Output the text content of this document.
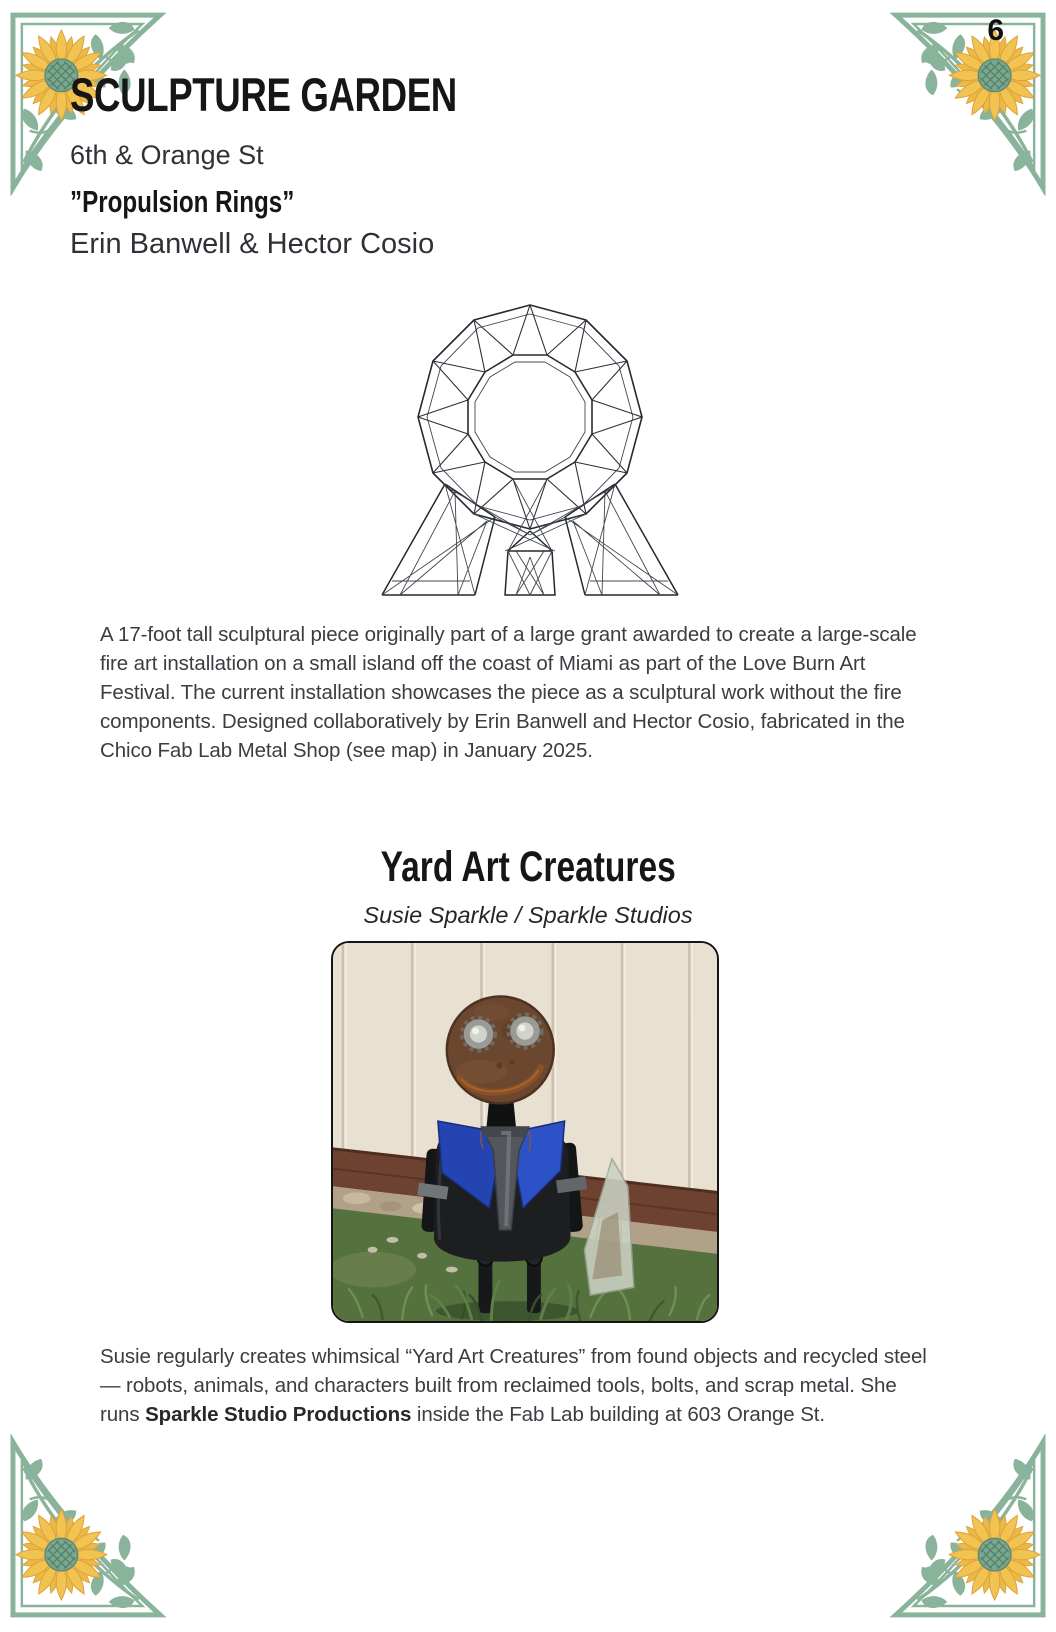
6
SCULPTURE GARDEN
6th & Orange St
”Propulsion Rings”
Erin Banwell & Hector Cosio
A 17-foot tall sculptural piece originally part of a large grant awarded to create a large-scale fire art installation on a small island off the coast of Miami as part of the Love Burn Art Festival. The current installation showcases the piece as a sculptural work without the fire components. Designed collaboratively by Erin Banwell and Hector Cosio, fabricated in the Chico Fab Lab Metal Shop (see map) in January 2025.
Yard Art Creatures
Susie Sparkle / Sparkle Studios
Susie regularly creates whimsical “Yard Art Creatures” from found objects and recycled steel — robots, animals, and characters built from reclaimed tools, bolts, and scrap metal. She runs Sparkle Studio Productions inside the Fab Lab building at 603 Orange St.
